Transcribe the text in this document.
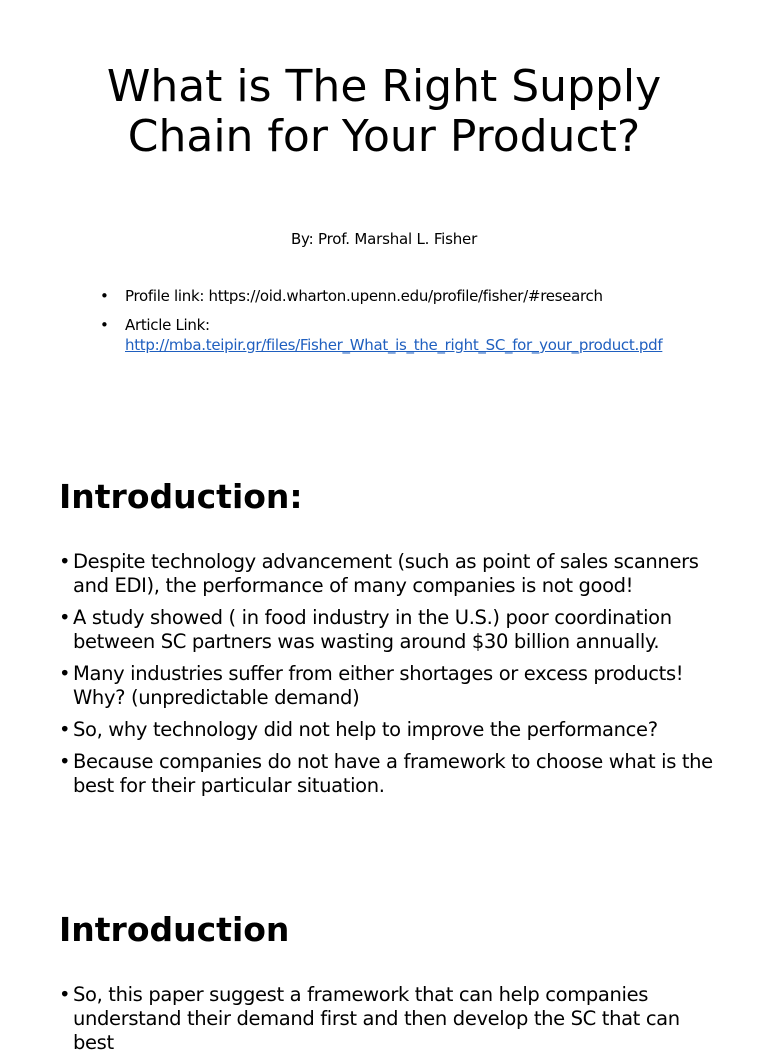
What is The Right Supply Chain for Your Product?
By: Prof. Marshal L. Fisher
• Profile link: https://oid.wharton.upenn.edu/profile/fisher/#research
• Article Link:
http://mba.teipir.gr/files/Fisher_What_is_the_right_SC_for_your_product.pdf
Introduction:
• Despite technology advancement (such as point of sales scanners and EDI), the performance of many companies is not good!
• A study showed ( in food industry in the U.S.) poor coordination between SC partners was wasting around $30 billion annually.
• Many industries suffer from either shortages or excess products! Why? (unpredictable demand)
• So, why technology did not help to improve the performance?
• Because companies do not have a framework to choose what is the best for their particular situation.
Introduction
• So, this paper suggest a framework that can help companies understand their demand first and then develop the SC that can best
